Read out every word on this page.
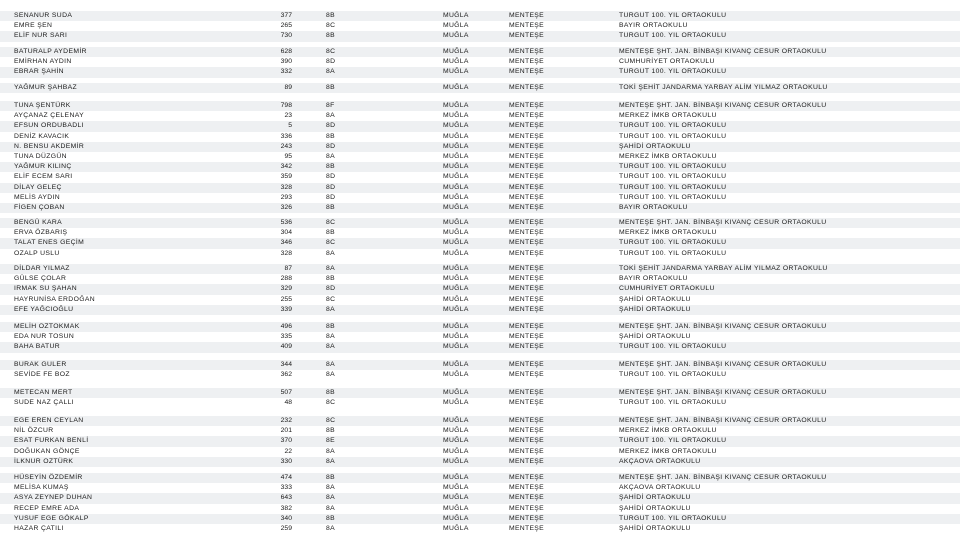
SENANUR SUDA	377	8B	MUĞLA	MENTEŞE	TURGUT 100. YIL ORTAOKULU
EMRE ŞEN	265	8C	MUĞLA	MENTEŞE	BAYIR ORTAOKULU
ELİF NUR SARI	730	8B	MUĞLA	MENTEŞE	TURGUT 100. YIL ORTAOKULU
BATURALP AYDEMİR	628	8C	MUĞLA	MENTEŞE	MENTEŞE ŞHT. JAN. BİNBAŞI KIVANÇ CESUR ORTAOKULU
EMİRHAN AYDIN	390	8D	MUĞLA	MENTEŞE	CUMHURİYET ORTAOKULU
EBRAR ŞAHİN	332	8A	MUĞLA	MENTEŞE	TURGUT 100. YIL ORTAOKULU
YAĞMUR ŞAHBAZ	89	8B	MUĞLA	MENTEŞE	TOKİ ŞEHİT JANDARMA YARBAY ALİM YILMAZ ORTAOKULU
TUNA ŞENTÜRK	798	8F	MUĞLA	MENTEŞE	MENTEŞE ŞHT. JAN. BİNBAŞI KIVANÇ CESUR ORTAOKULU
AYÇANAZ ÇELENAY	23	8A	MUĞLA	MENTEŞE	MERKEZ İMKB ORTAOKULU
EFSUN ORDUBADLI	5	8D	MUĞLA	MENTEŞE	TURGUT 100. YIL ORTAOKULU
DENİZ KAVACIK	336	8B	MUĞLA	MENTEŞE	TURGUT 100. YIL ORTAOKULU
N. BENSU AKDEMİR	243	8D	MUĞLA	MENTEŞE	ŞAHİDİ ORTAOKULU
TUNA DÜZGÜN	95	8A	MUĞLA	MENTEŞE	MERKEZ İMKB ORTAOKULU
YAĞMUR KILINÇ	342	8B	MUĞLA	MENTEŞE	TURGUT 100. YIL ORTAOKULU
ELİF ECEM SARI	359	8D	MUĞLA	MENTEŞE	TURGUT 100. YIL ORTAOKULU
DİLAY GELEÇ	328	8D	MUĞLA	MENTEŞE	TURGUT 100. YIL ORTAOKULU
MELİS AYDIN	293	8D	MUĞLA	MENTEŞE	TURGUT 100. YIL ORTAOKULU
FİGEN ÇOBAN	326	8B	MUĞLA	MENTEŞE	BAYIR ORTAOKULU
BENGÜ KARA	536	8C	MUĞLA	MENTEŞE	MENTEŞE ŞHT. JAN. BİNBAŞI KIVANÇ CESUR ORTAOKULU
ERVA ÖZBARIŞ	304	8B	MUĞLA	MENTEŞE	MERKEZ İMKB ORTAOKULU
TALAT ENES GEÇİM	346	8C	MUĞLA	MENTEŞE	TURGUT 100. YIL ORTAOKULU
OZALP USLU	328	8A	MUĞLA	MENTEŞE	TURGUT 100. YIL ORTAOKULU
DİLDAR YILMAZ	87	8A	MUĞLA	MENTEŞE	TOKİ ŞEHİT JANDARMA YARBAY ALİM YILMAZ ORTAOKULU
GÜLSE ÇOLAR	288	8B	MUĞLA	MENTEŞE	BAYIR ORTAOKULU
IRMAK SU ŞAHAN	329	8D	MUĞLA	MENTEŞE	CUMHURİYET ORTAOKULU
HAYRUNİSA ERDOĞAN	255	8C	MUĞLA	MENTEŞE	ŞAHİDİ ORTAOKULU
EFE YAĞCIOĞLU	339	8A	MUĞLA	MENTEŞE	ŞAHİDİ ORTAOKULU
MELİH OZTOKMAK	496	8B	MUĞLA	MENTEŞE	MENTEŞE ŞHT. JAN. BİNBAŞI KIVANÇ CESUR ORTAOKULU
EDA NUR TOSUN	335	8A	MUĞLA	MENTEŞE	ŞAHİDİ ORTAOKULU
BAHA BATUR	409	8A	MUĞLA	MENTEŞE	TURGUT 100. YIL ORTAOKULU
BURAK GULER	344	8A	MUĞLA	MENTEŞE	MENTEŞE ŞHT. JAN. BİNBAŞI KIVANÇ CESUR ORTAOKULU
SEVİDE FE BOZ	362	8A	MUĞLA	MENTEŞE	TURGUT 100. YIL ORTAOKULU
METECAN MERT	507	8B	MUĞLA	MENTEŞE	MENTEŞE ŞHT. JAN. BİNBAŞI KIVANÇ CESUR ORTAOKULU
SUDE NAZ ÇALLI	48	8C	MUĞLA	MENTEŞE	TURGUT 100. YIL ORTAOKULU
EGE EREN CEYLAN	232	8C	MUĞLA	MENTEŞE	MENTEŞE ŞHT. JAN. BİNBAŞI KIVANÇ CESUR ORTAOKULU
NİL ÖZCUR	201	8B	MUĞLA	MENTEŞE	MERKEZ İMKB ORTAOKULU
ESAT FURKAN BENLİ	370	8E	MUĞLA	MENTEŞE	TURGUT 100. YIL ORTAOKULU
DOĞUKAN GÖNÇE	22	8A	MUĞLA	MENTEŞE	MERKEZ İMKB ORTAOKULU
İLKNUR OZTÜRK	330	8A	MUĞLA	MENTEŞE	AKÇAOVA ORTAOKULU
HÜSEYİN ÖZDEMİR	474	8B	MUĞLA	MENTEŞE	MENTEŞE ŞHT. JAN. BİNBAŞI KIVANÇ CESUR ORTAOKULU
MELİSA KUMAŞ	333	8A	MUĞLA	MENTEŞE	AKÇAOVA ORTAOKULU
ASYA ZEYNEP DUHAN	643	8A	MUĞLA	MENTEŞE	ŞAHİDİ ORTAOKULU
RECEP EMRE ADA	382	8A	MUĞLA	MENTEŞE	ŞAHİDİ ORTAOKULU
YUSUF EGE GÖKALP	340	8B	MUĞLA	MENTEŞE	TURGUT 100. YIL ORTAOKULU
HAZAR ÇATILI	259	8A	MUĞLA	MENTEŞE	ŞAHİDİ ORTAOKULU
